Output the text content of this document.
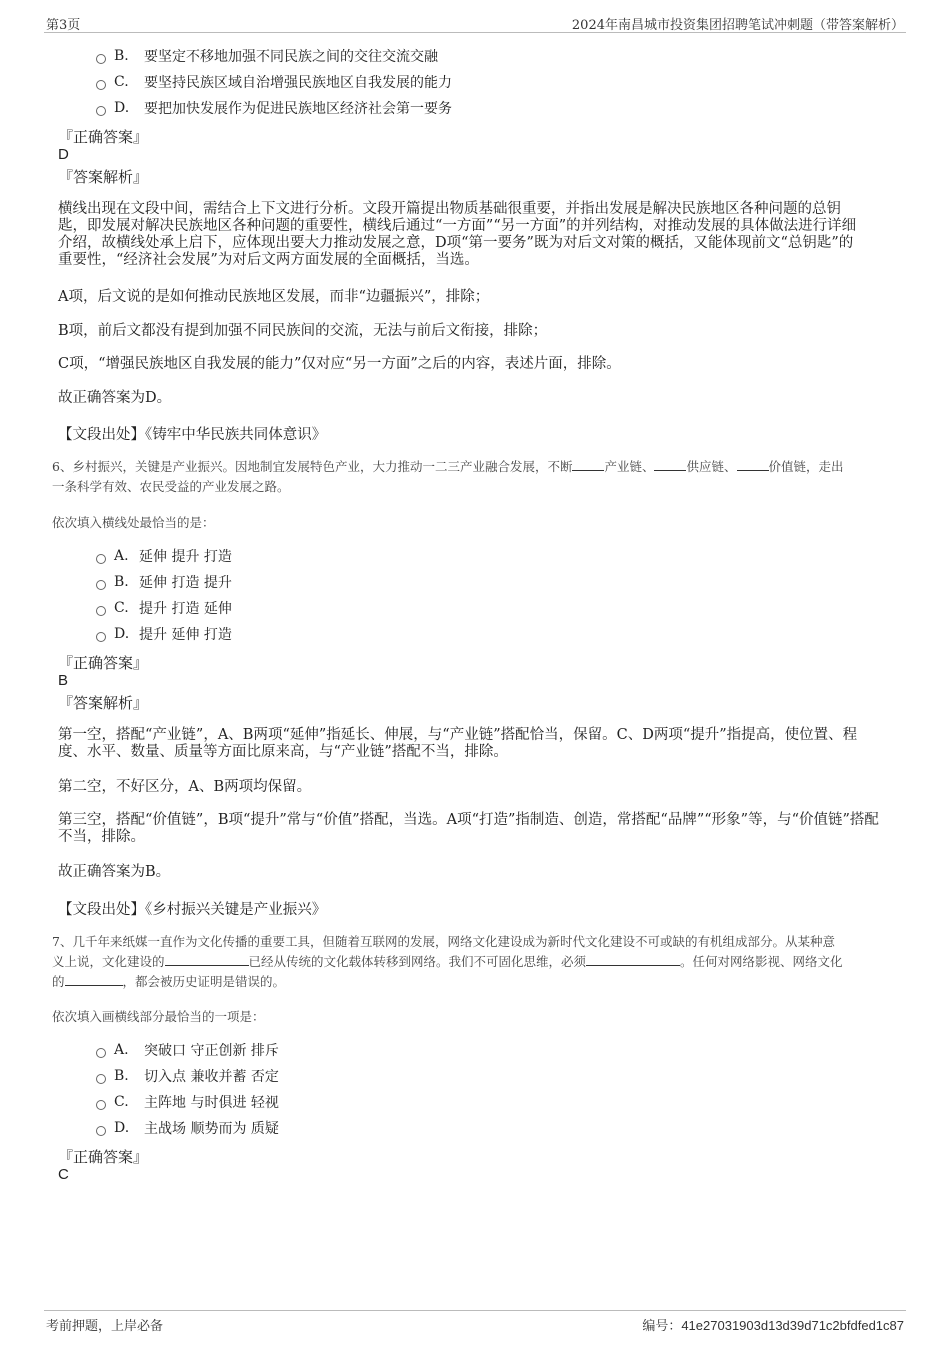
第3页	2024年南昌城市投资集团招聘笔试冲刺题（带答案解析）
B.	要坚定不移地加强不同民族之间的交往交流交融
C.	要坚持民族区域自治增强民族地区自我发展的能力
D.	要把加快发展作为促进民族地区经济社会第一要务
『正确答案』
D
『答案解析』
横线出现在文段中间，需结合上下文进行分析。文段开篇提出物质基础很重要，并指出发展是解决民族地区各种问题的总钥
匙，即发展对解决民族地区各种问题的重要性，横线后通过“一方面”“另一方面”的并列结构，对推动发展的具体做法进行详细
介绍，故横线处承上启下，应体现出要大力推动发展之意，D项“第一要务”既为对后文对策的概括，又能体现前文“总钥匙”的
重要性，“经济社会发展”为对后文两方面发展的全面概括，当选。
A项，后文说的是如何推动民族地区发展，而非“边疆振兴”，排除；
B项，前后文都没有提到加强不同民族间的交流，无法与前后文衔接，排除；
C项，“增强民族地区自我发展的能力”仅对应“另一方面”之后的内容，表述片面，排除。
故正确答案为D。
【文段出处】《铸牢中华民族共同体意识》
6、乡村振兴，关键是产业振兴。因地制宜发展特色产业，大力推动一二三产业融合发展，不断	产业链、	供应链、	价值链，走出
一条科学有效、农民受益的产业发展之路。
依次填入横线处最恰当的是：
A. 延伸 提升 打造
B. 延伸 打造 提升
C. 提升 打造 延伸
D. 提升 延伸 打造
『正确答案』
B
『答案解析』
第一空，搭配“产业链”，A、B两项“延伸”指延长、伸展，与“产业链”搭配恰当，保留。C、D两项“提升”指提高，使位置、程
度、水平、数量、质量等方面比原来高，与“产业链”搭配不当，排除。
第二空，不好区分，A、B两项均保留。
第三空，搭配“价值链”，B项“提升”常与“价值”搭配，当选。A项“打造”指制造、创造，常搭配“品牌”“形象”等，与“价值链”搭配
不当，排除。
故正确答案为B。
【文段出处】《乡村振兴关键是产业振兴》
7、几千年来纸媒一直作为文化传播的重要工具，但随着互联网的发展，网络文化建设成为新时代文化建设不可或缺的有机组成部分。从某种意
义上说，文化建设的	已经从传统的文化载体转移到网络。我们不可固化思维，必须	。任何对网络影视、网络文化
的	，都会被历史证明是错误的。
依次填入画横线部分最恰当的一项是：
A.	突破口 守正创新 排斥
B.	切入点 兼收并蓄 否定
C.	主阵地 与时俱进 轻视
D.	主战场 顺势而为 质疑
『正确答案』
C
考前押题，上岸必备	编号：41e27031903d13d39d71c2bfdfed1c87
